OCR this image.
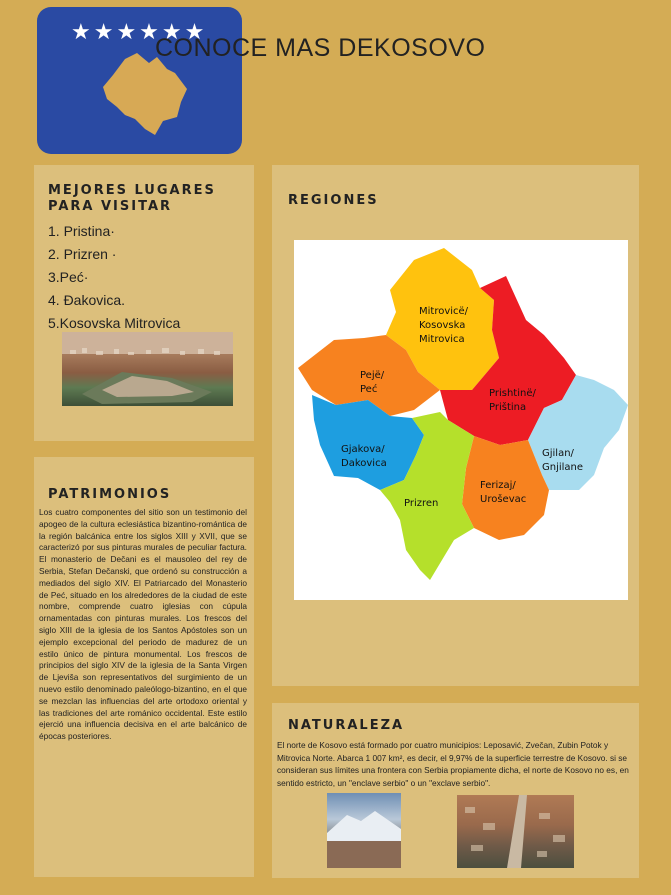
★★★★★★
CONOCE MAS DEKOSOVO
MEJORES LUGARES PARA VISITAR
1. Pristina·
2. Prizren ·
3.Peć·
4. Đakovica.
5.Kosovska Mitrovica
PATRIMONIOS

Los cuatro componentes del sitio son un testimonio del apogeo de la cultura eclesiástica bizantino-romántica de la región balcánica entre los siglos XIII y XVII, que se caracterizó por sus pinturas murales de peculiar factura. El monasterio de Dečani es el mausoleo del rey de Serbia, Stefan Dečanski, que ordenó su construcción a mediados del siglo XIV. El Patriarcado del Monasterio de Peć, situado en los alrededores de la ciudad de este nombre, comprende cuatro iglesias con cúpula ornamentadas con pinturas murales. Los frescos del siglo XIII de la iglesia de los Santos Apóstoles son un ejemplo excepcional del periodo de madurez de un estilo único de pintura monumental. Los frescos de principios del siglo XIV de la iglesia de la Santa Virgen de Ljeviša son representativos del surgimiento de un nuevo estilo denominado paleólogo-bizantino, en el que se mezclan las influencias del arte ortodoxo oriental y las tradiciones del arte románico occidental. Este estilo ejerció una influencia decisiva en el arte balcánico de épocas posteriores.

REGIONES
Mitrovicë/
Kosovska
Mitrovica
Pejë/
Peć	Prishtinë/
Priština
Gjakova/
Dakovica
Gjilan/
Gnjilane
Ferizaj/
Uroševac
Prizren
NATURALEZA

El norte de Kosovo está formado por cuatro municipios: Leposavić, Zvečan, Zubin Potok y Mitrovica Norte. Abarca 1 007 km², es decir, el 9,97% de la superficie terrestre de Kosovo. si se consideran sus límites una frontera con Serbia propiamente dicha, el norte de Kosovo no es, en sentido estricto, un "enclave serbio" o un "exclave serbio".
